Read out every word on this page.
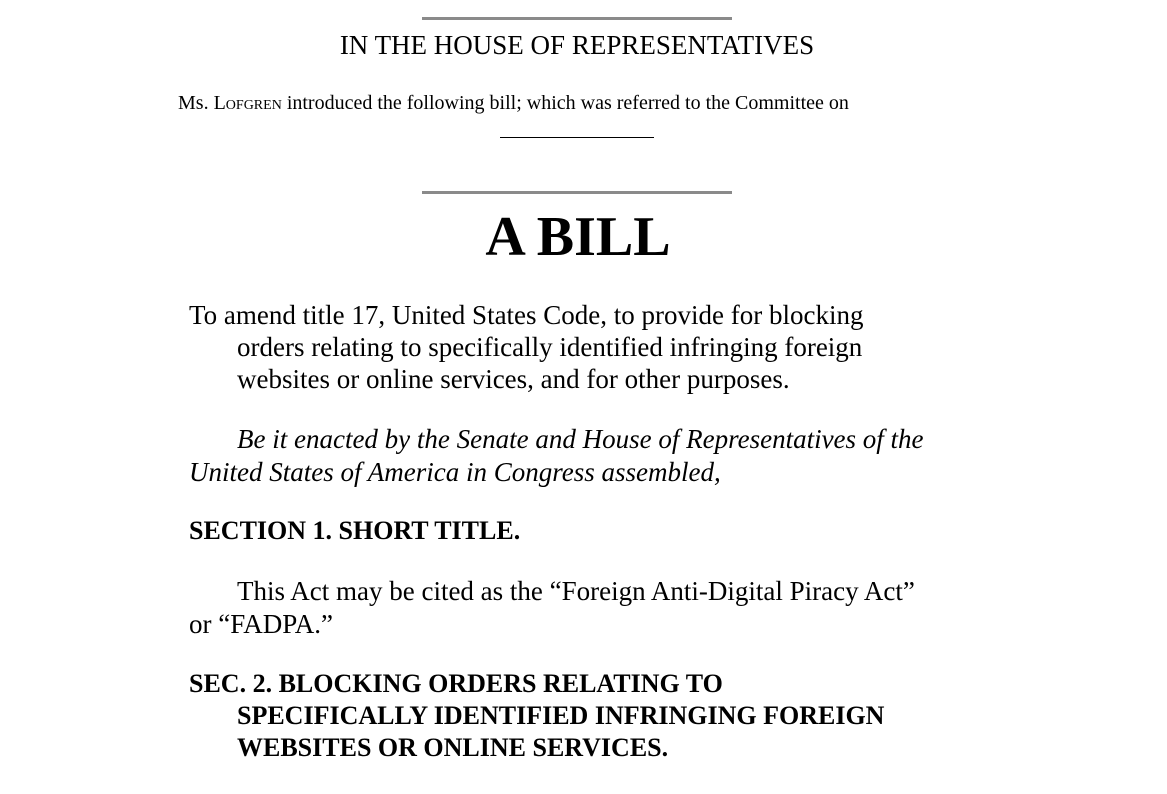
IN THE HOUSE OF REPRESENTATIVES
Ms. Lofgren introduced the following bill; which was referred to the Committee on
A BILL
To amend title 17, United States Code, to provide for blocking
orders relating to specifically identified infringing foreign
websites or online services, and for other purposes.
Be it enacted by the Senate and House of Representatives of the
United States of America in Congress assembled,
SECTION 1. SHORT TITLE.
This Act may be cited as the “Foreign Anti-Digital Piracy Act”
or “FADPA.”
SEC. 2. BLOCKING ORDERS RELATING TO
SPECIFICALLY IDENTIFIED INFRINGING FOREIGN
WEBSITES OR ONLINE SERVICES.
